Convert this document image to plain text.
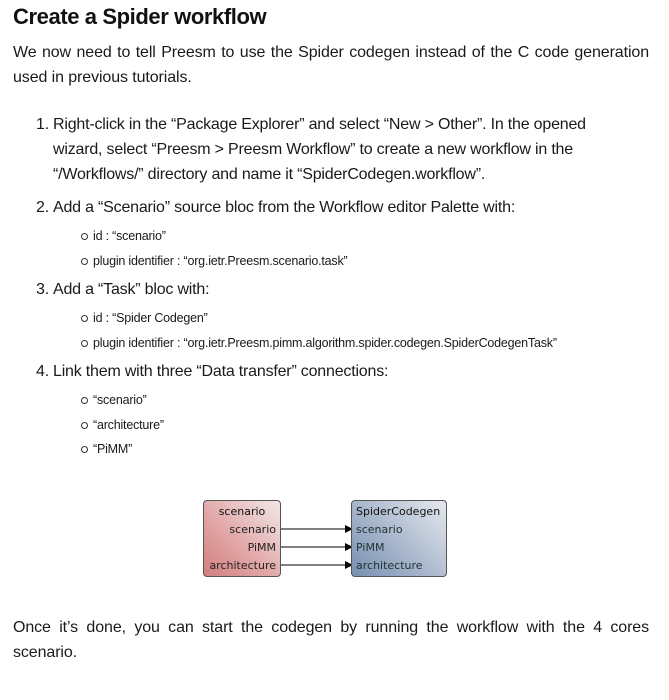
Create a Spider workflow

We now need to tell Preesm to use the Spider codegen instead of the C code generation used in previous tutorials.

1. Right-click in the “Package Explorer” and select “New > Other”. In the opened wizard, select “Preesm > Preesm Workflow” to create a new workflow in the “/Workflows/” directory and name it “SpiderCodegen.workflow”.
2. Add a “Scenario” source bloc from the Workflow editor Palette with:
id : “scenario”
plugin identifier : “org.ietr.Preesm.scenario.task”
3. Add a “Task” bloc with:
id : “Spider Codegen”
plugin identifier : “org.ietr.Preesm.pimm.algorithm.spider.codegen.SpiderCodegenTask”
4. Link them with three “Data transfer” connections:
“scenario”
“architecture”
“PiMM”
scenario
scenario
PiMM
architecture
SpiderCodegen
scenario
PiMM
architecture

Once it’s done, you can start the codegen by running the workflow with the 4 cores scenario.
